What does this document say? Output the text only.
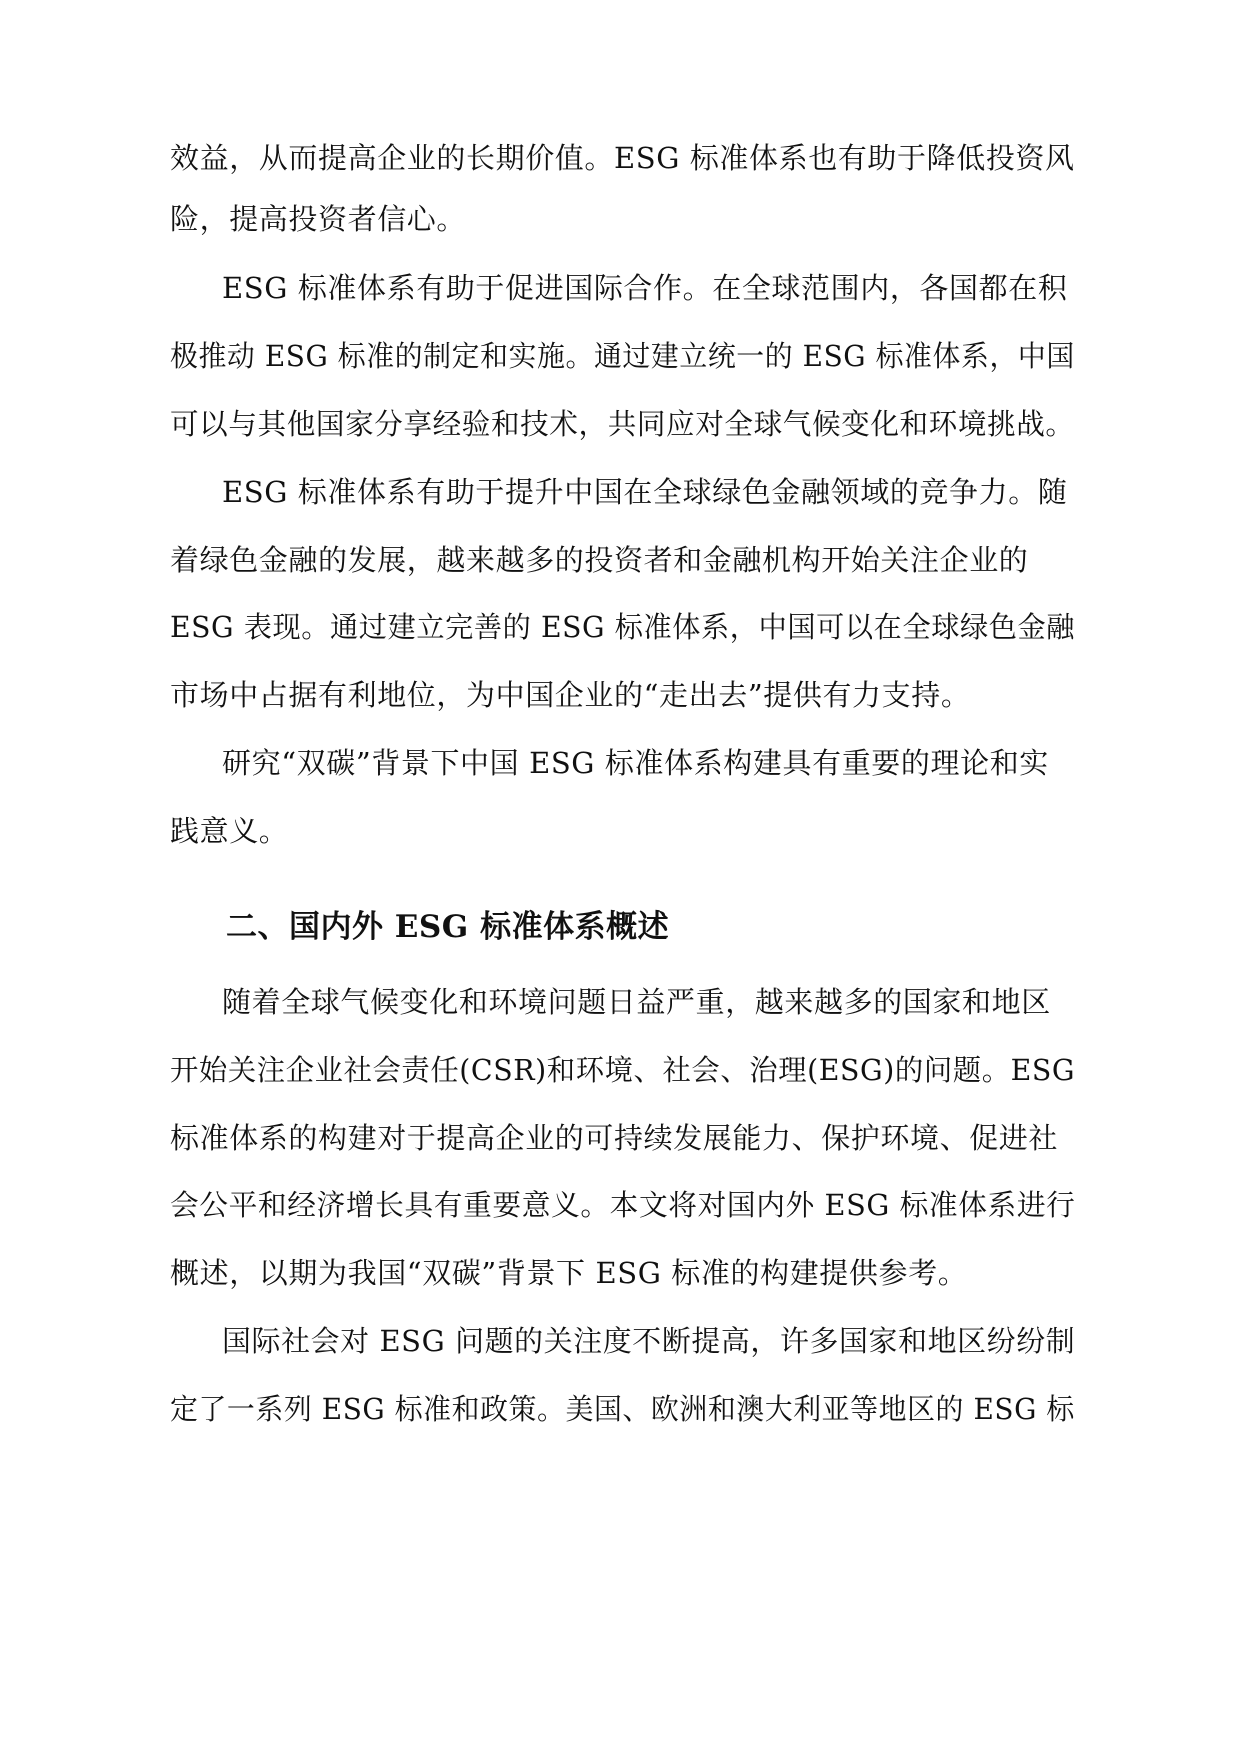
效益，从而提高企业的长期价值。ESG 标准体系也有助于降低投资风
险，提高投资者信心。
ESG 标准体系有助于促进国际合作。在全球范围内，各国都在积
极推动 ESG 标准的制定和实施。通过建立统一的 ESG 标准体系，中国
可以与其他国家分享经验和技术，共同应对全球气候变化和环境挑战。
ESG 标准体系有助于提升中国在全球绿色金融领域的竞争力。随
着绿色金融的发展，越来越多的投资者和金融机构开始关注企业的
ESG 表现。通过建立完善的 ESG 标准体系，中国可以在全球绿色金融
市场中占据有利地位，为中国企业的“走出去”提供有力支持。
研究“双碳”背景下中国 ESG 标准体系构建具有重要的理论和实
践意义。
二、国内外 ESG 标准体系概述
随着全球气候变化和环境问题日益严重，越来越多的国家和地区
开始关注企业社会责任(CSR)和环境、社会、治理(ESG)的问题。ESG
标准体系的构建对于提高企业的可持续发展能力、保护环境、促进社
会公平和经济增长具有重要意义。本文将对国内外 ESG 标准体系进行
概述，以期为我国“双碳”背景下 ESG 标准的构建提供参考。
国际社会对 ESG 问题的关注度不断提高，许多国家和地区纷纷制
定了一系列 ESG 标准和政策。美国、欧洲和澳大利亚等地区的 ESG 标
